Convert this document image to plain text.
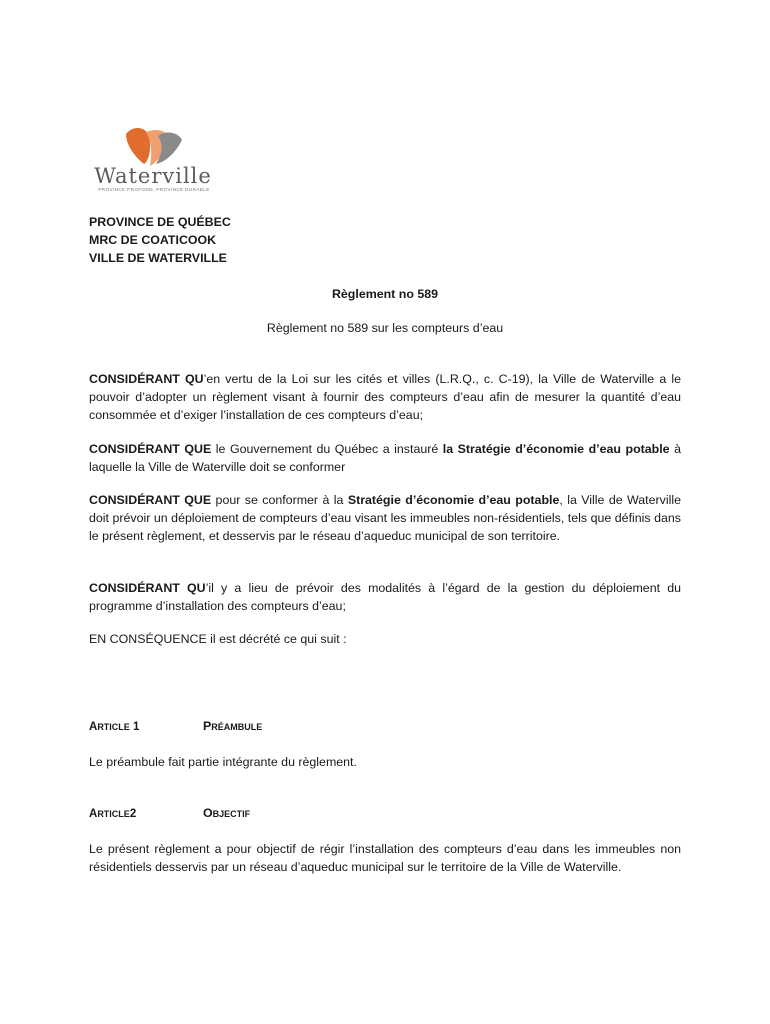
Waterville
PROVINCE PROFOND, PROVINCE DURABLE
PROVINCE DE QUÉBEC
MRC DE COATICOOK
VILLE DE WATERVILLE
Règlement no 589
Règlement no 589 sur les compteurs d’eau
CONSIDÉRANT QU’en vertu de la Loi sur les cités et villes (L.R.Q., c. C-19), la Ville de Waterville a le pouvoir d’adopter un règlement visant à fournir des compteurs d’eau afin de mesurer la quantité d’eau consommée et d’exiger l’installation de ces compteurs d’eau;
CONSIDÉRANT QUE le Gouvernement du Québec a instauré la Stratégie d’économie d’eau potable à laquelle la Ville de Waterville doit se conformer
CONSIDÉRANT QUE pour se conformer à la Stratégie d’économie d’eau potable, la Ville de Waterville doit prévoir un déploiement de compteurs d’eau visant les immeubles non-résidentiels, tels que définis dans le présent règlement, et desservis par le réseau d’aqueduc municipal de son territoire.
CONSIDÉRANT QU’il y a lieu de prévoir des modalités à l’égard de la gestion du déploiement du programme d’installation des compteurs d’eau;
EN CONSÉQUENCE il est décrété ce qui suit :
ARTICLE 1	PRÉAMBULE
Le préambule fait partie intégrante du règlement.
ARTICLE2	OBJECTIF
Le présent règlement a pour objectif de régir l’installation des compteurs d’eau dans les immeubles non résidentiels desservis par un réseau d’aqueduc municipal sur le territoire de la Ville de Waterville.
